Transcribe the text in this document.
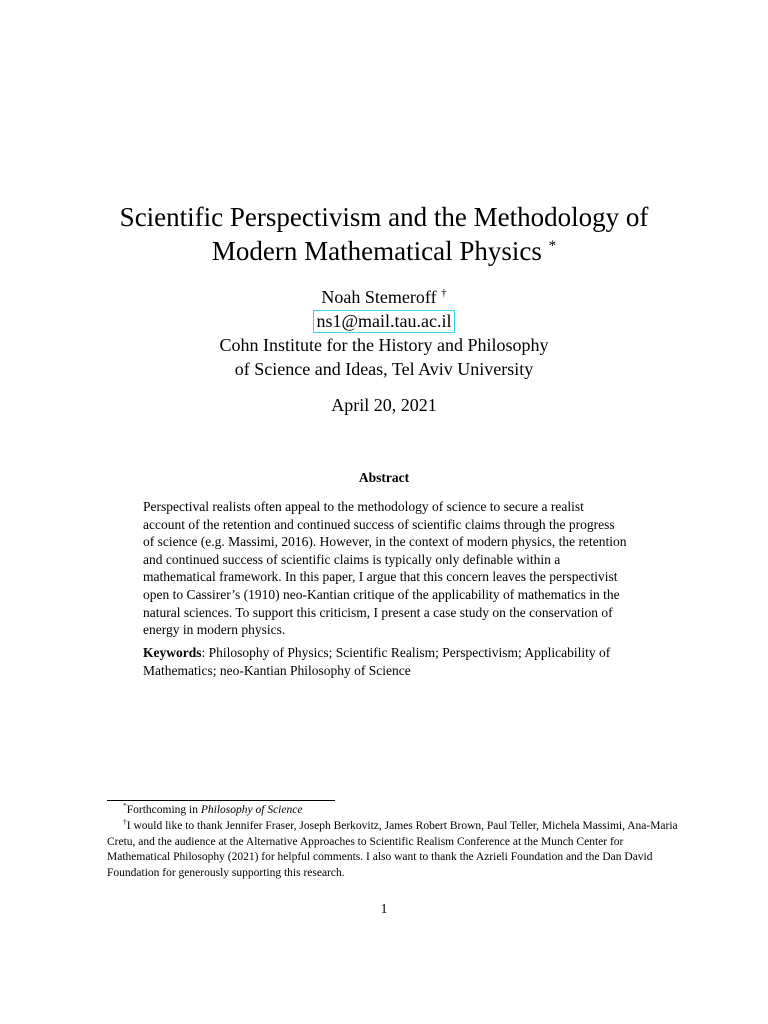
Scientific Perspectivism and the Methodology of
Modern Mathematical Physics *
Noah Stemeroff †
ns1@mail.tau.ac.il
Cohn Institute for the History and Philosophy
of Science and Ideas, Tel Aviv University
April 20, 2021
Abstract

Perspectival realists often appeal to the methodology of science to secure a realist account of the retention and continued success of scientific claims through the progress of science (e.g. Massimi, 2016). However, in the context of modern physics, the retention and continued success of scientific claims is typically only definable within a mathematical framework. In this paper, I argue that this concern leaves the perspectivist open to Cassirer’s (1910) neo-Kantian critique of the applicability of mathematics in the natural sciences. To support this criticism, I present a case study on the conservation of energy in modern physics.

Keywords: Philosophy of Physics; Scientific Realism; Perspectivism; Applicability of Mathematics; neo-Kantian Philosophy of Science

*Forthcoming in Philosophy of Science

†I would like to thank Jennifer Fraser, Joseph Berkovitz, James Robert Brown, Paul Teller, Michela Massimi, Ana-Maria Cretu, and the audience at the Alternative Approaches to Scientific Realism Conference at the Munch Center for Mathematical Philosophy (2021) for helpful comments. I also want to thank the Azrieli Foundation and the Dan David Foundation for generously supporting this research.

1
